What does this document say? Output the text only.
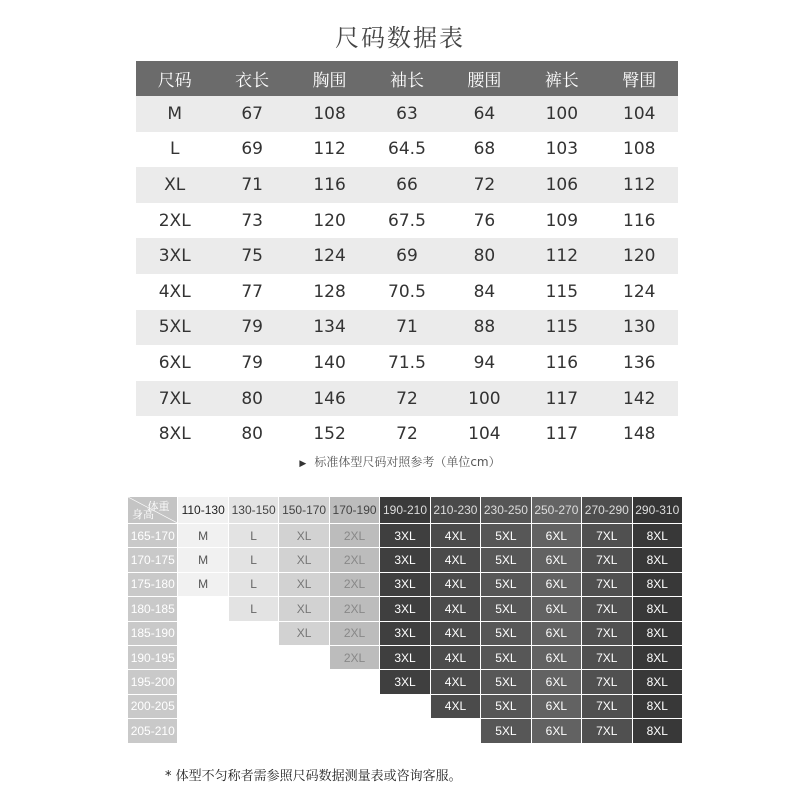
尺码数据表
尺码	衣长	胸围	袖长	腰围	裤长	臀围
M	67	108	63	64	100	104
L	69	112	64.5	68	103	108
XL	71	116	66	72	106	112
2XL	73	120	67.5	76	109	116
3XL	75	124	69	80	112	120
4XL	77	128	70.5	84	115	124
5XL	79	134	71	88	115	130
6XL	79	140	71.5	94	116	136
7XL	80	146	72	100	117	142
8XL	80	152	72	104	117	148
▶ 标准体型尺码对照参考（单位cm）
体重
身高	110-130	130-150	150-170	170-190	190-210	210-230	230-250	250-270	270-290	290-310
165-170	M	L	XL	2XL	3XL	4XL	5XL	6XL	7XL	8XL
170-175	M	L	XL	2XL	3XL	4XL	5XL	6XL	7XL	8XL
175-180	M	L	XL	2XL	3XL	4XL	5XL	6XL	7XL	8XL
180-185		L	XL	2XL	3XL	4XL	5XL	6XL	7XL	8XL
185-190			XL	2XL	3XL	4XL	5XL	6XL	7XL	8XL
190-195				2XL	3XL	4XL	5XL	6XL	7XL	8XL
195-200					3XL	4XL	5XL	6XL	7XL	8XL
200-205						4XL	5XL	6XL	7XL	8XL
205-210							5XL	6XL	7XL	8XL
* 体型不匀称者需参照尺码数据测量表或咨询客服。
